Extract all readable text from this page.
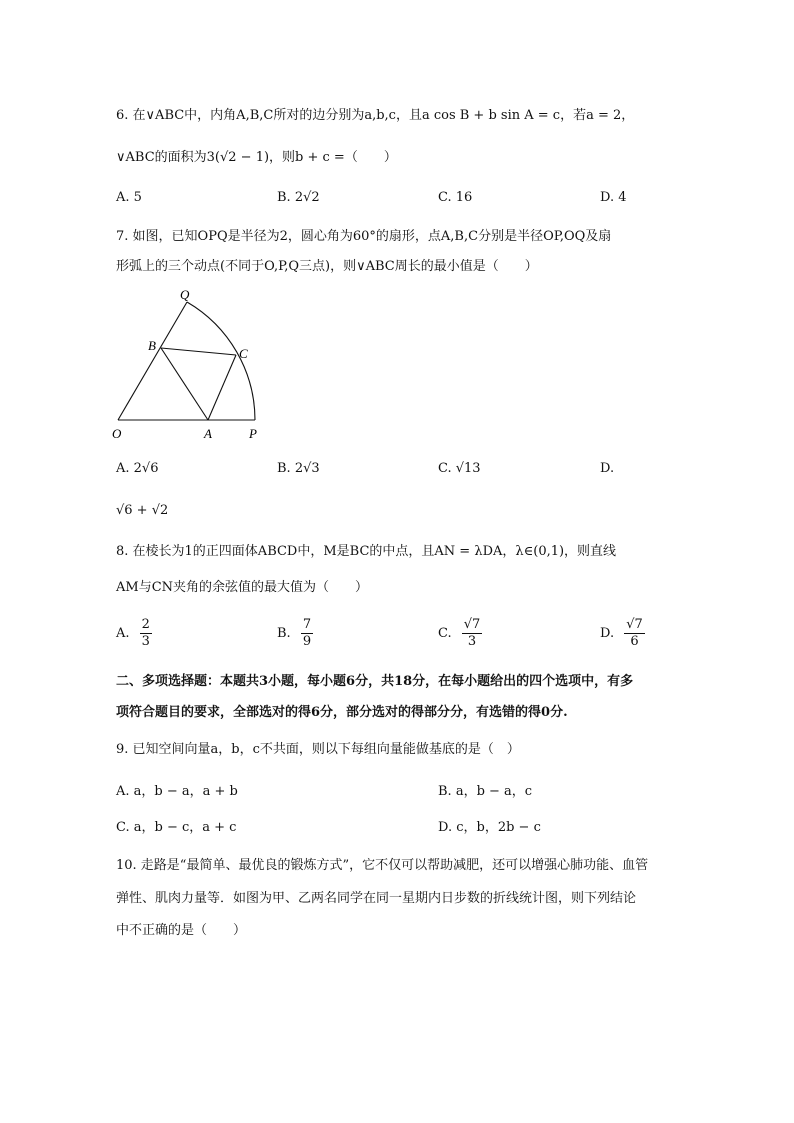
6. 在∨ABC中，内角A,B,C所对的边分别为a,b,c，且a cos B + b sin A = c，若a = 2，
∨ABC的面积为3(√2 − 1)，则b + c =（　　）
A. 5	B. 2√2	C. 16	D. 4
7. 如图，已知OPQ是半径为2，圆心角为60°的扇形，点A,B,C分别是半径OP,OQ及扇
形弧上的三个动点(不同于O,P,Q三点)，则∨ABC周长的最小值是（　　）
Q
B
C
O	A	P
A. 2√6	B. 2√3	C. √13	D.
√6 + √2
8. 在棱长为1的正四面体ABCD中，M是BC的中点，且AN = λDA，λ∈(0,1)，则直线
AM与CN夹角的余弦值的最大值为（　　）
A. $\frac{2}{3}$	B. $\frac{7}{9}$	C. $\frac{√7}{3}$	D. $\frac{√7}{6}$
二、多项选择题：本题共3小题，每小题6分，共18分，在每小题给出的四个选项中，有多
项符合题目的要求，全部选对的得6分，部分选对的得部分分，有选错的得0分.
9. 已知空间向量a，b，c不共面，则以下每组向量能做基底的是（　）
A. a，b − a，a + b	B. a，b − a，c
C. a，b − c，a + c	D. c，b，2b − c
10. 走路是“最简单、最优良的锻炼方式”，它不仅可以帮助减肥，还可以增强心肺功能、血管
弹性、肌肉力量等．如图为甲、乙两名同学在同一星期内日步数的折线统计图，则下列结论
中不正确的是（　　）
